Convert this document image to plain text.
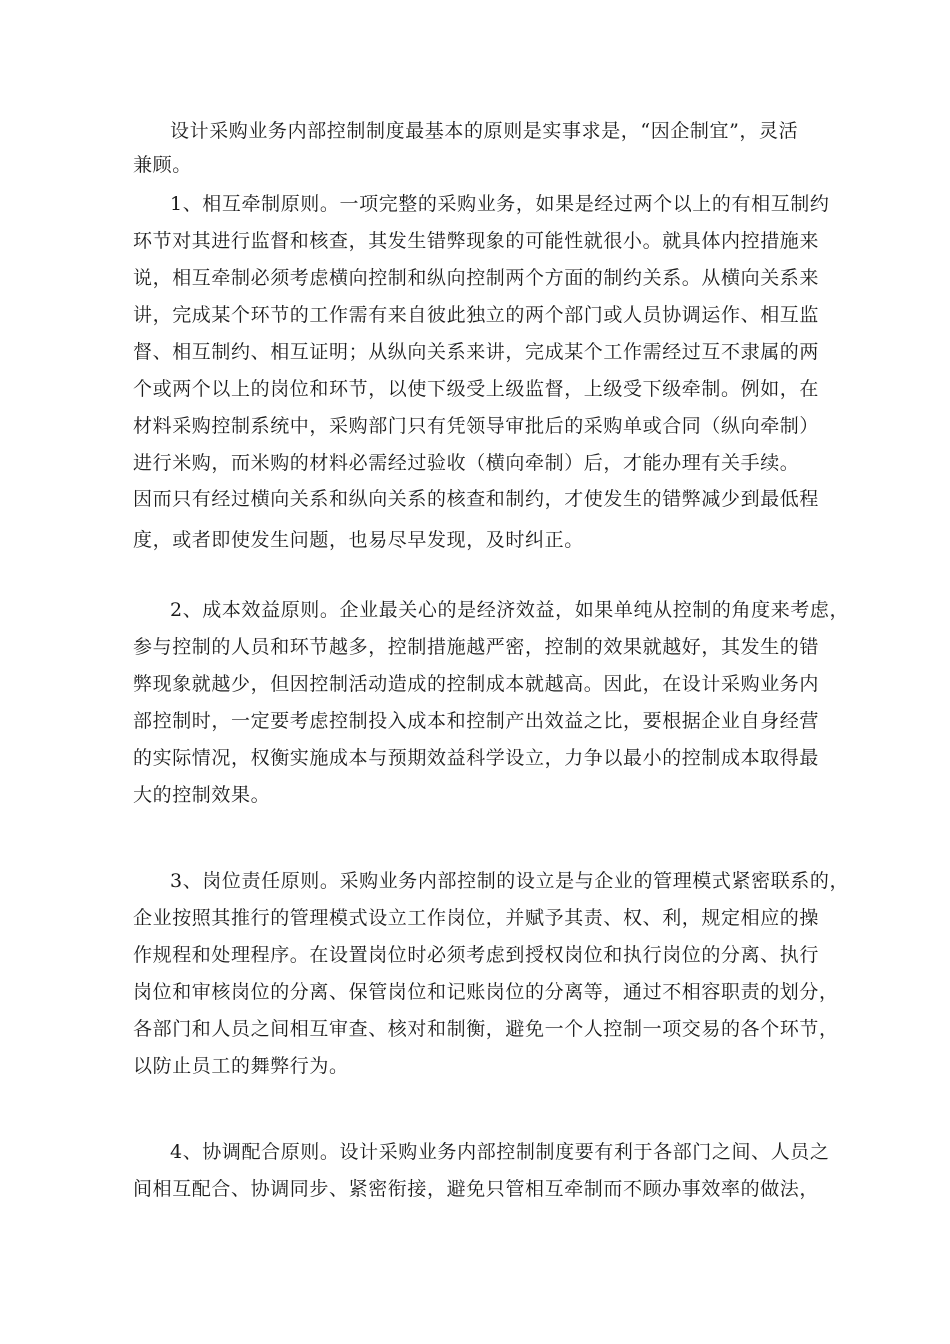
设计采购业务内部控制制度最基本的原则是实事求是，“因企制宜”，灵活
兼顾。
1、相互牵制原则。一项完整的采购业务，如果是经过两个以上的有相互制约
环节对其进行监督和核查，其发生错弊现象的可能性就很小。就具体内控措施来
说，相互牵制必须考虑横向控制和纵向控制两个方面的制约关系。从横向关系来
讲，完成某个环节的工作需有来自彼此独立的两个部门或人员协调运作、相互监
督、相互制约、相互证明；从纵向关系来讲，完成某个工作需经过互不隶属的两
个或两个以上的岗位和环节，以使下级受上级监督，上级受下级牵制。例如，在
材料采购控制系统中，采购部门只有凭领导审批后的采购单或合同（纵向牵制）
进行米购，而米购的材料必需经过验收（横向牵制）后，才能办理有关手续。
因而只有经过横向关系和纵向关系的核查和制约，才使发生的错弊减少到最低程
度，或者即使发生问题，也易尽早发现，及时纠正。
2、成本效益原则。企业最关心的是经济效益，如果单纯从控制的角度来考虑，
参与控制的人员和环节越多，控制措施越严密，控制的效果就越好，其发生的错
弊现象就越少，但因控制活动造成的控制成本就越高。因此，在设计采购业务内
部控制时，一定要考虑控制投入成本和控制产出效益之比，要根据企业自身经营
的实际情况，权衡实施成本与预期效益科学设立，力争以最小的控制成本取得最
大的控制效果。
3、岗位责任原则。采购业务内部控制的设立是与企业的管理模式紧密联系的，
企业按照其推行的管理模式设立工作岗位，并赋予其责、权、利，规定相应的操
作规程和处理程序。在设置岗位时必须考虑到授权岗位和执行岗位的分离、执行
岗位和审核岗位的分离、保管岗位和记账岗位的分离等，通过不相容职责的划分，
各部门和人员之间相互审查、核对和制衡，避免一个人控制一项交易的各个环节，
以防止员工的舞弊行为。
4、协调配合原则。设计采购业务内部控制制度要有利于各部门之间、人员之
间相互配合、协调同步、紧密衔接，避免只管相互牵制而不顾办事效率的做法，
